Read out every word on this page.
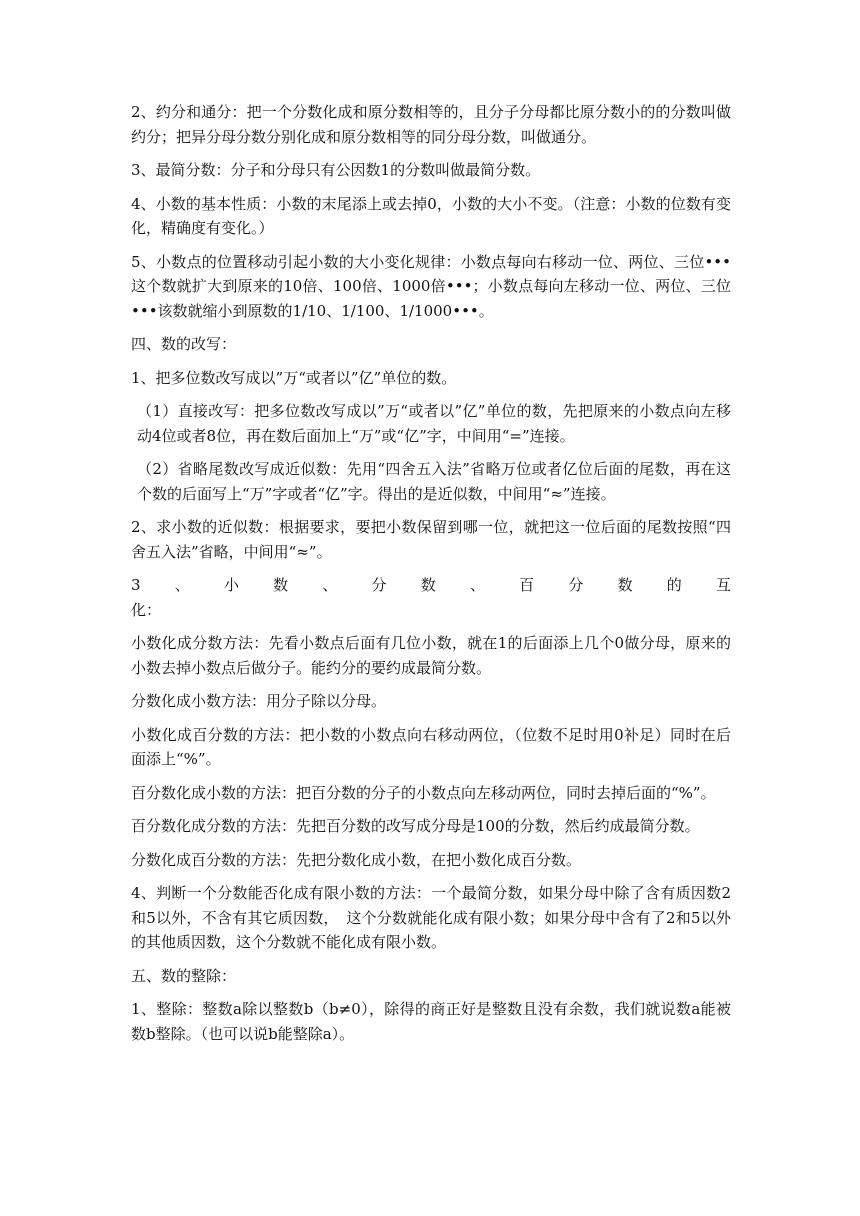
2、约分和通分：把一个分数化成和原分数相等的，且分子分母都比原分数小的的分数叫做约分；把异分母分数分别化成和原分数相等的同分母分数，叫做通分。

3、最简分数：分子和分母只有公因数1的分数叫做最简分数。

4、小数的基本性质：小数的末尾添上或去掉0，小数的大小不变。（注意：小数的位数有变化，精确度有变化。）

5、小数点的位置移动引起小数的大小变化规律：小数点每向右移动一位、两位、三位•••这个数就扩大到原来的10倍、100倍、1000倍•••；小数点每向左移动一位、两位、三位•••该数就缩小到原数的1/10、1/100、1/1000•••。

四、数的改写：

1、把多位数改写成以”万“或者以”亿”单位的数。

（1）直接改写：把多位数改写成以”万“或者以”亿”单位的数，先把原来的小数点向左移动4位或者8位，再在数后面加上“万”或“亿”字，中间用“=”连接。

（2）省略尾数改写成近似数：先用“四舍五入法”省略万位或者亿位后面的尾数，再在这个数的后面写上“万”字或者“亿”字。得出的是近似数，中间用“≈”连接。

2、求小数的近似数：根据要求，要把小数保留到哪一位，就把这一位后面的尾数按照“四舍五入法”省略，中间用“≈”。

3 、 小 数 、 分 数 、 百 分 数 的 互

化：

小数化成分数方法：先看小数点后面有几位小数，就在1的后面添上几个0做分母，原来的小数去掉小数点后做分子。能约分的要约成最简分数。

分数化成小数方法：用分子除以分母。

小数化成百分数的方法：把小数的小数点向右移动两位，（位数不足时用0补足）同时在后面添上“%”。

百分数化成小数的方法：把百分数的分子的小数点向左移动两位，同时去掉后面的“%”。

百分数化成分数的方法：先把百分数的改写成分母是100的分数，然后约成最简分数。

分数化成百分数的方法：先把分数化成小数，在把小数化成百分数。

4、判断一个分数能否化成有限小数的方法：一个最简分数，如果分母中除了含有质因数2和5以外，不含有其它质因数，　这个分数就能化成有限小数；如果分母中含有了2和5以外的其他质因数，这个分数就不能化成有限小数。

五、数的整除：

1、整除：整数a除以整数b（b≠0），除得的商正好是整数且没有余数，我们就说数a能被数b整除。（也可以说b能整除a）。
